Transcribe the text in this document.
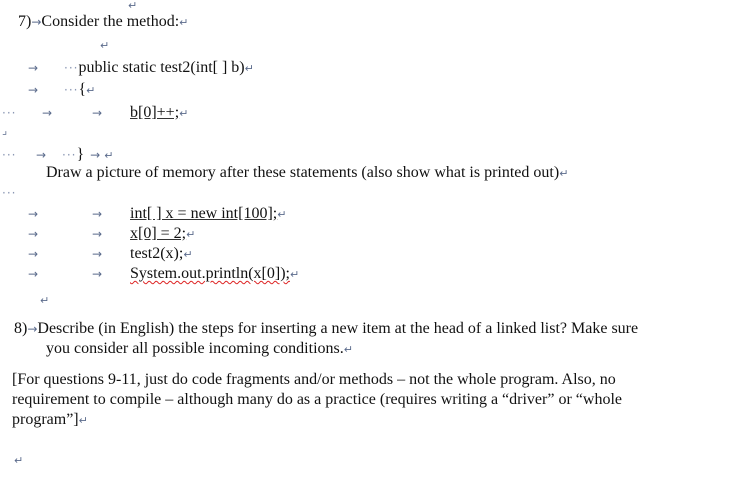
↵
7)→Consider the method:↵
↵
→ ···public static test2(int[ ] b)↵
→ ···{↵
··· →	→ b[0]++;↵
⌟
··· → ···} → ↵
Draw a picture of memory after these statements (also show what is printed out)↵
···
→	→ int[ ] x = new int[100];↵
→	→ x[0] = 2;↵
→	→ test2(x);↵
→	→ System.out.println(x[0]);↵
↵
8)→Describe (in English) the steps for inserting a new item at the head of a linked list? Make sure
you consider all possible incoming conditions.↵
[For questions 9-11, just do code fragments and/or methods – not the whole program. Also, no
requirement to compile – although many do as a practice (requires writing a “driver” or “whole
program”]↵
↵
